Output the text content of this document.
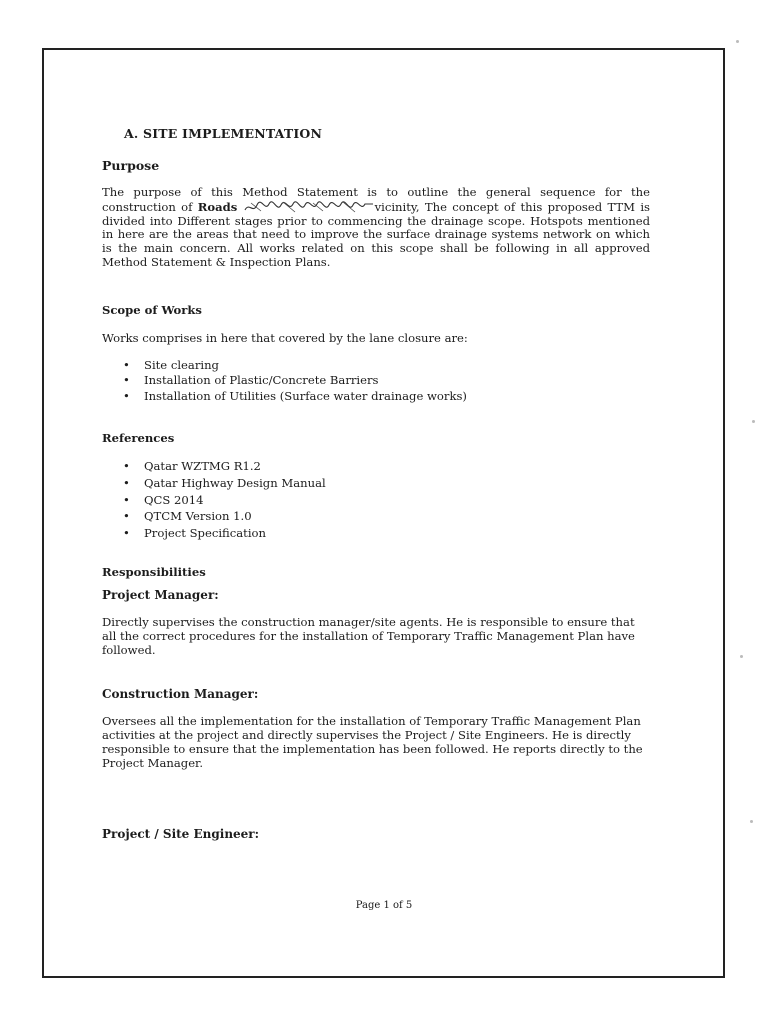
A. SITE IMPLEMENTATION
Purpose

The purpose of this Method Statement is to outline the general sequence for the construction of Roads	vicinity, The concept of this proposed TTM is divided into Different stages prior to commencing the drainage scope. Hotspots mentioned in here are the areas that need to improve the surface drainage systems network on which is the main concern. All works related on this scope shall be following in all approved Method Statement & Inspection Plans.

Scope of Works

Works comprises in here that covered by the lane closure are:

• Site clearing
• Installation of Plastic/Concrete Barriers
• Installation of Utilities (Surface water drainage works)
References
• Qatar WZTMG R1.2
• Qatar Highway Design Manual
• QCS 2014
• QTCM Version 1.0
• Project Specification
Responsibilities
Project Manager:

Directly supervises the construction manager/site agents. He is responsible to ensure that all the correct procedures for the installation of Temporary Traffic Management Plan have followed.

Construction Manager:

Oversees all the implementation for the installation of Temporary Traffic Management Plan activities at the project and directly supervises the Project / Site Engineers. He is directly responsible to ensure that the implementation has been followed. He reports directly to the Project Manager.

Project / Site Engineer:
Page 1 of 5
